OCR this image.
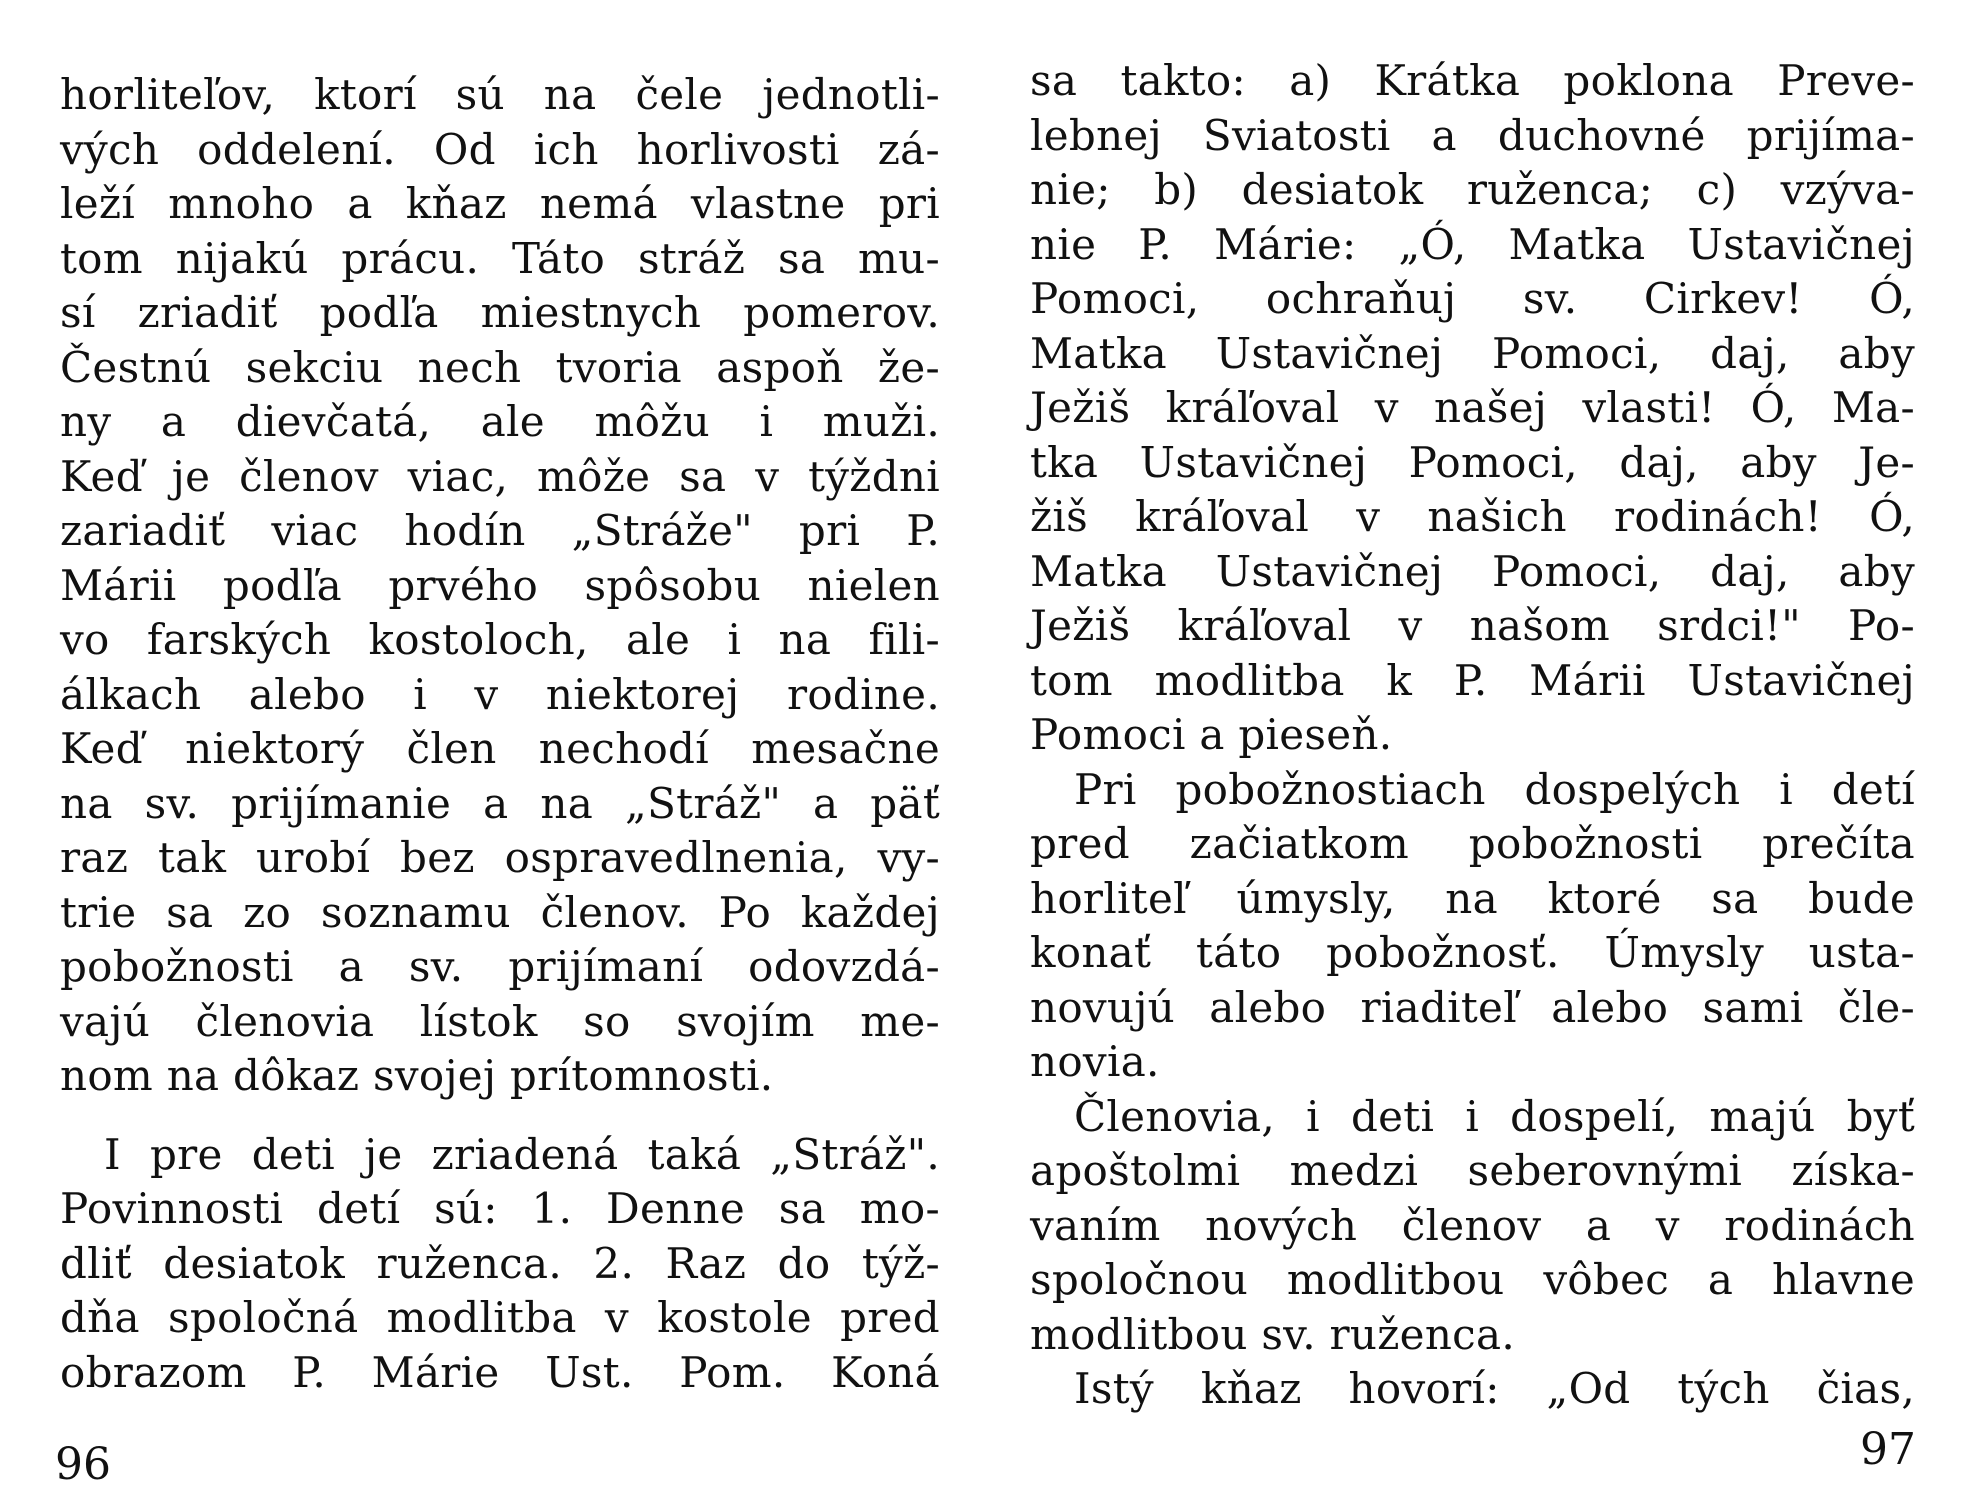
horliteľov, ktorí sú na čele jednotli-
vých oddelení. Od ich horlivosti zá-
leží mnoho a kňaz nemá vlastne pri
tom nijakú prácu. Táto stráž sa mu-
sí zriadiť podľa miestnych pomerov.
Čestnú sekciu nech tvoria aspoň že-
ny a dievčatá, ale môžu i muži.
Keď je členov viac, môže sa v týždni
zariadiť viac hodín „Stráže" pri P.
Márii podľa prvého spôsobu nielen
vo farských kostoloch, ale i na fili-
álkach alebo i v niektorej rodine.
Keď niektorý člen nechodí mesačne
na sv. prijímanie a na „Stráž" a päť
raz tak urobí bez ospravedlnenia, vy-
trie sa zo soznamu členov. Po každej
pobožnosti a sv. prijímaní odovzdá-
vajú členovia lístok so svojím me-
nom na dôkaz svojej prítomnosti.
I pre deti je zriadená taká „Stráž".
Povinnosti detí sú: 1. Denne sa mo-
dliť desiatok ruženca. 2. Raz do týž-
dňa spoločná modlitba v kostole pred
obrazom P. Márie Ust. Pom. Koná
96
sa takto: a) Krátka poklona Preve-
lebnej Sviatosti a duchovné prijíma-
nie; b) desiatok ruženca; c) vzýva-
nie P. Márie: „Ó, Matka Ustavičnej
Pomoci, ochraňuj sv. Cirkev! Ó,
Matka Ustavičnej Pomoci, daj, aby
Ježiš kráľoval v našej vlasti! Ó, Ma-
tka Ustavičnej Pomoci, daj, aby Je-
žiš kráľoval v našich rodinách! Ó,
Matka Ustavičnej Pomoci, daj, aby
Ježiš kráľoval v našom srdci!" Po-
tom modlitba k P. Márii Ustavičnej
Pomoci a pieseň.
Pri pobožnostiach dospelých i detí
pred začiatkom pobožnosti prečíta
horliteľ úmysly, na ktoré sa bude
konať táto pobožnosť. Úmysly usta-
novujú alebo riaditeľ alebo sami čle-
novia.
Členovia, i deti i dospelí, majú byť
apoštolmi medzi seberovnými získa-
vaním nových členov a v rodinách
spoločnou modlitbou vôbec a hlavne
modlitbou sv. ruženca.
Istý kňaz hovorí: „Od tých čias,
97
